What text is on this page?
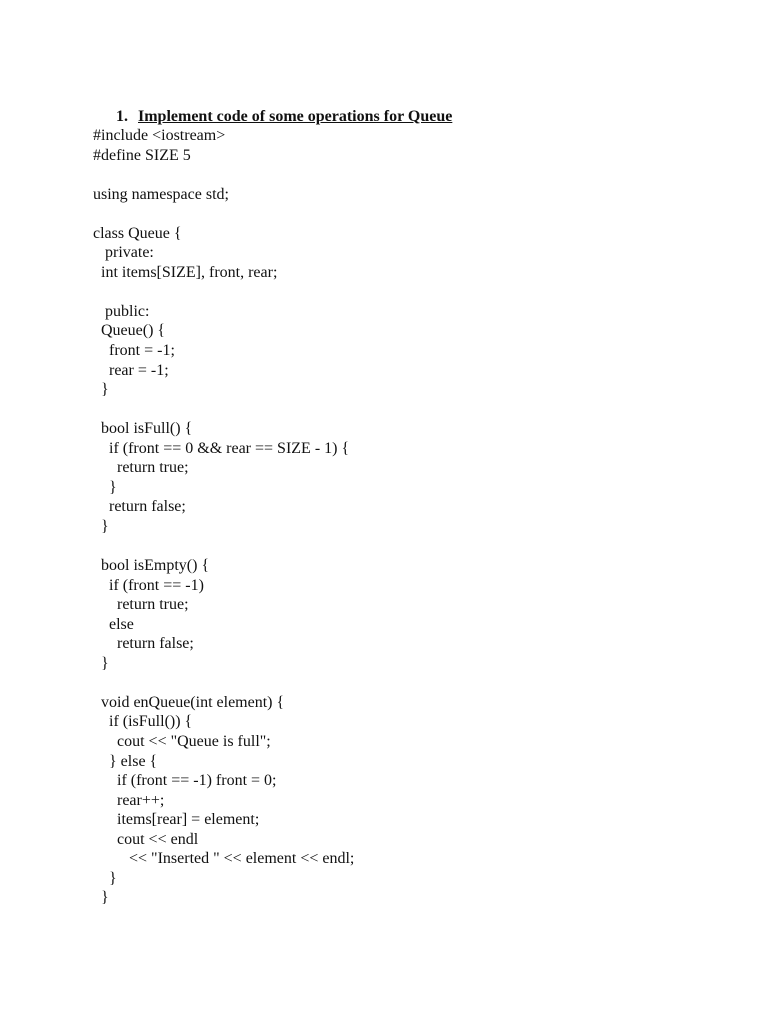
1. Implement code of some operations for Queue
#include <iostream>
#define SIZE 5
using namespace std;
class Queue {
private:
int items[SIZE], front, rear;
public:
Queue() {
front = -1;
rear = -1;
}
bool isFull() {
if (front == 0 && rear == SIZE - 1) {
return true;
}
return false;
}
bool isEmpty() {
if (front == -1)
return true;
else
return false;
}
void enQueue(int element) {
if (isFull()) {
cout << "Queue is full";
} else {
if (front == -1) front = 0;
rear++;
items[rear] = element;
cout << endl
<< "Inserted " << element << endl;
}
}
